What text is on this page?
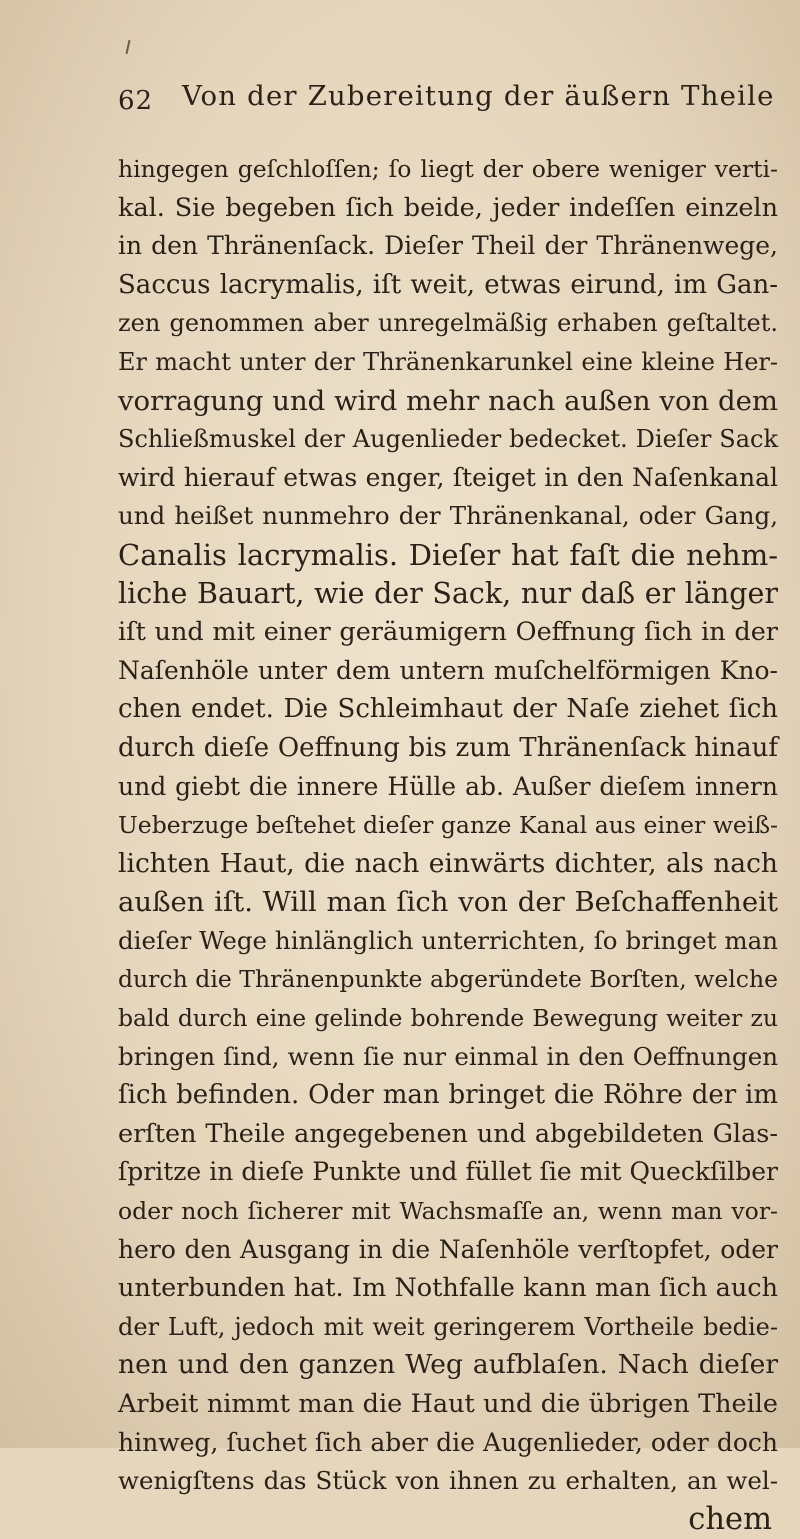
62 Von der Zubereitung der äußern Theile
hingegen geſchloſſen; ſo liegt der obere weniger verti-
kal. Sie begeben ſich beide, jeder indeſſen einzeln
in den Thränenſack. Dieſer Theil der Thränenwege,
Saccus lacrymalis, iſt weit, etwas eirund, im Gan-
zen genommen aber unregelmäßig erhaben geſtaltet.
Er macht unter der Thränenkarunkel eine kleine Her-
vorragung und wird mehr nach außen von dem
Schließmuskel der Augenlieder bedecket. Dieſer Sack
wird hierauf etwas enger, ſteiget in den Naſenkanal
und heißet nunmehro der Thränenkanal, oder Gang,
Canalis lacrymalis. Dieſer hat faſt die nehm-
liche Bauart, wie der Sack, nur daß er länger
iſt und mit einer geräumigern Oeffnung ſich in der
Naſenhöle unter dem untern muſchelförmigen Kno-
chen endet. Die Schleimhaut der Naſe ziehet ſich
durch dieſe Oeffnung bis zum Thränenſack hinauf
und giebt die innere Hülle ab. Außer dieſem innern
Ueberzuge beſtehet dieſer ganze Kanal aus einer weiß-
lichten Haut, die nach einwärts dichter, als nach
außen iſt. Will man ſich von der Beſchaffenheit
dieſer Wege hinlänglich unterrichten, ſo bringet man
durch die Thränenpunkte abgeründete Borſten, welche
bald durch eine gelinde bohrende Bewegung weiter zu
bringen ſind, wenn ſie nur einmal in den Oeffnungen
ſich befinden. Oder man bringet die Röhre der im
erſten Theile angegebenen und abgebildeten Glas-
ſpritze in dieſe Punkte und füllet ſie mit Queckſilber
oder noch ſicherer mit Wachsmaſſe an, wenn man vor-
hero den Ausgang in die Naſenhöle verſtopfet, oder
unterbunden hat. Im Nothfalle kann man ſich auch
der Luft, jedoch mit weit geringerem Vortheile bedie-
nen und den ganzen Weg aufblaſen. Nach dieſer
Arbeit nimmt man die Haut und die übrigen Theile
hinweg, ſuchet ſich aber die Augenlieder, oder doch
wenigſtens das Stück von ihnen zu erhalten, an wel-
chem
